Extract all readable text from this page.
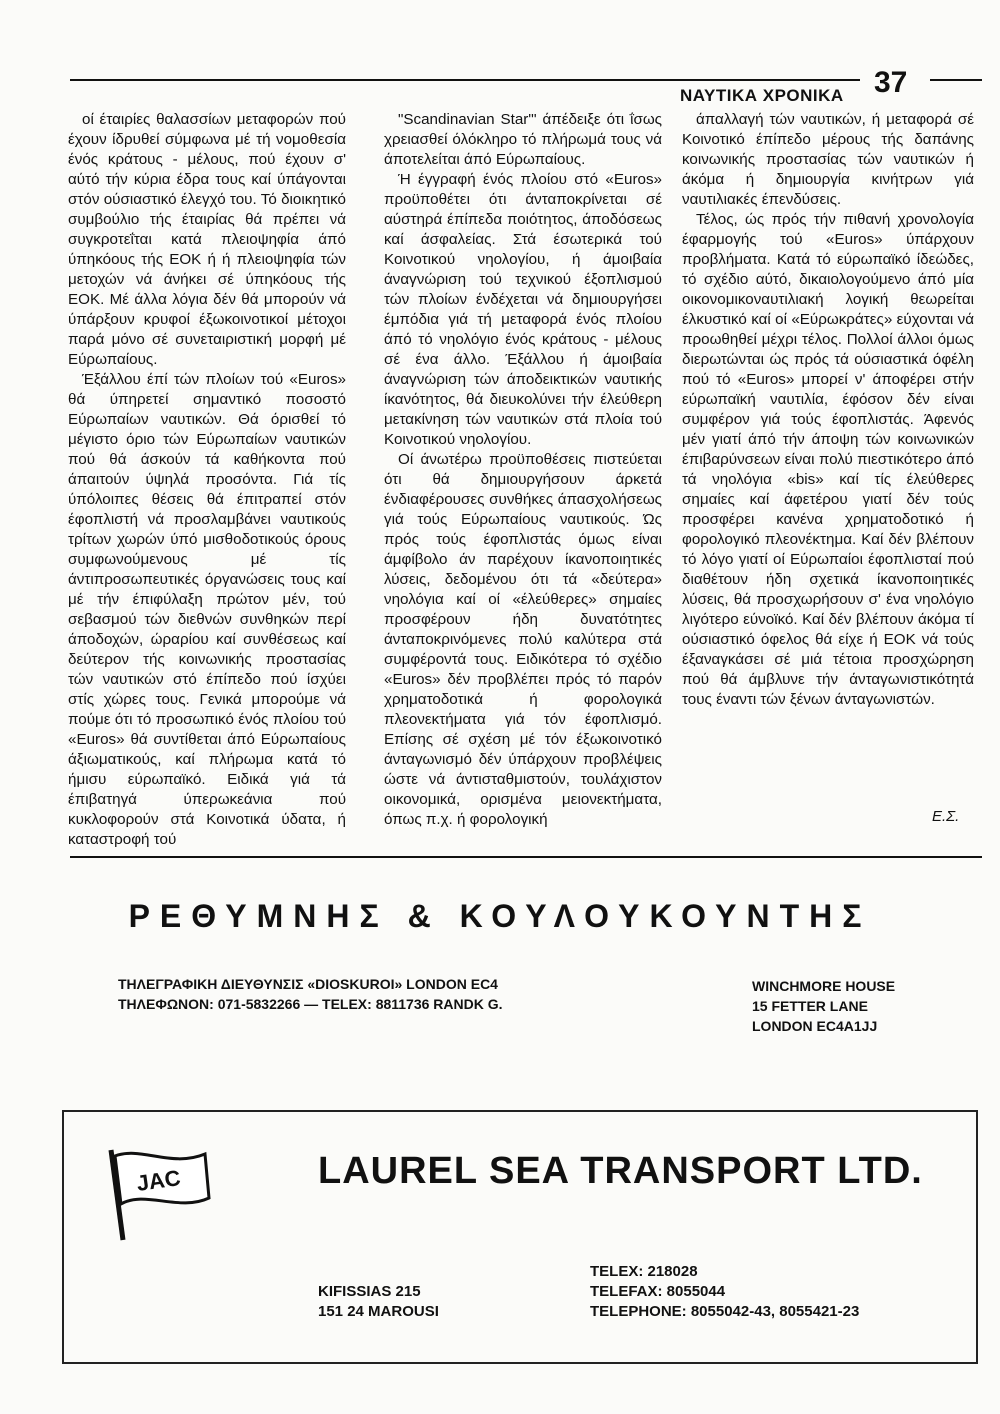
ΝΑΥΤΙΚΑ ΧΡΟΝΙΚΑ 37

οί έταιρίες θαλασσίων μεταφορών πού έχουν ίδρυθεί σύμφωνα μέ τή νομοθεσία ένός κράτους - μέλους, πού έχουν σ' αύτό τήν κύρια έδρα τους καί ύπάγονται στόν ούσιαστικό έλεγχό του. Τό διοικητικό συμβούλιο τής έταιρίας θά πρέπει νά συγκροτεΐται κατά πλειοψηφία άπό ύπηκόους τής ΕΟΚ ή ή πλειοψηφία τών μετοχών νά άνήκει σέ ύπηκόους τής ΕΟΚ. Μέ άλλα λόγια δέν θά μπορούν νά ύπάρξουν κρυφοί έξωκοινοτικοί μέτοχοι παρά μόνο σέ συνεταιριστική μορφή μέ Εύρωπαίους.

Έξάλλου έπί τών πλοίων τού «Euros» θά ύπηρετεί σημαντικό ποσοστό Εύρωπαίων ναυτικών. Θά όρισθεί τό μέγιστο όριο τών Εύρωπαίων ναυτικών πού θά άσκούν τά καθήκοντα πού άπαιτούν ύψηλά προσόντα. Γιά τίς ύπόλοιπες θέσεις θά έπιτραπεί στόν έφοπλιστή νά προσλαμβάνει ναυτικούς τρίτων χωρών ύπό μισθοδοτικούς όρους συμφωνούμενους μέ τίς άντιπροσωπευτικές όργανώσεις τους καί μέ τήν έπιφύλαξη πρώτον μέν, τού σεβασμού τών διεθνών συνθηκών περί άποδοχών, ώραρίου καί συνθέσεως καί δεύτερον τής κοινωνικής προστασίας τών ναυτικών στό έπίπεδο πού ίσχύει στίς χώρες τους. Γενικά μπορούμε νά πούμε ότι τό προσωπικό ένός πλοίου τού «Euros» θά συντίθεται άπό Εύρωπαίους άξιωματικούς, καί πλήρωμα κατά τό ήμισυ εύρωπαϊκό. Ειδικά γιά τά έπιβατηγά ύπερωκεάνια πού κυκλοφορούν στά Κοινοτικά ύδατα, ή καταστροφή τού

"Scandinavian Star"' άπέδειξε ότι ΐσως χρειασθεί όλόκληρο τό πλήρωμά τους νά άποτελείται άπό Εύρωπαίους.

Ή έγγραφή ένός πλοίου στό «Euros» προϋποθέτει ότι άνταποκρίνεται σέ αύστηρά έπίπεδα ποιότητος, άποδόσεως καί άσφαλείας. Στά έσωτερικά τού Κοινοτικού νηολογίου, ή άμοιβαία άναγνώριση τού τεχνικού έξοπλισμού τών πλοίων ένδέχεται νά δημιουργήσει έμπόδια γιά τή μεταφορά ένός πλοίου άπό τό νηολόγιο ένός κράτους - μέλους σέ ένα άλλο. Έξάλλου ή άμοιβαία άναγνώριση τών άποδεικτικών ναυτικής ίκανότητος, θά διευκολύνει τήν έλεύθερη μετακίνηση τών ναυτικών στά πλοία τού Κοινοτικού νηολογίου.

Οί άνωτέρω προϋποθέσεις πιστεύεται ότι θά δημιουργήσουν άρκετά ένδιαφέρουσες συνθήκες άπασχολήσεως γιά τούς Εύρωπαίους ναυτικούς. Ώς πρός τούς έφοπλιστάς όμως είναι άμφίβολο άν παρέχουν ίκανοποιητικές λύσεις, δεδομένου ότι τά «δεύτερα» νηολόγια καί οί «έλεύθερες» σημαίες προσφέρουν ήδη δυνατότητες άνταποκρινόμενες πολύ καλύτερα στά συμφέροντά τους. Ειδικότερα τό σχέδιο «Euros» δέν προβλέπει πρός τό παρόν χρηματοδοτικά ή φορολογικά πλεονεκτήματα γιά τόν έφοπλισμό. Επίσης σέ σχέση μέ τόν έξωκοινοτικό άνταγωνισμό δέν ύπάρχουν προβλέψεις ώστε νά άντισταθμιστούν, τουλάχιστον οικονομικά, ορισμένα μειονεκτήματα, όπως π.χ. ή φορολογική

άπαλλαγή τών ναυτικών, ή μεταφορά σέ Κοινοτικό έπίπεδο μέρους τής δαπάνης κοινωνικής προστασίας τών ναυτικών ή άκόμα ή δημιουργία κινήτρων γιά ναυτιλιακές έπενδύσεις.

Τέλος, ώς πρός τήν πιθανή χρονολογία έφαρμογής τού «Euros» ύπάρχουν προβλήματα. Κατά τό εύρωπαϊκό ίδεώδες, τό σχέδιο αύτό, δικαιολογούμενο άπό μία οικονομικοναυτιλιακή λογική θεωρείται έλκυστικό καί οί «Εύρωκράτες» εύχονται νά προωθηθεί μέχρι τέλος. Πολλοί άλλοι όμως διερωτώνται ώς πρός τά ούσιαστικά όφέλη πού τό «Euros» μπορεί ν' άποφέρει στήν εύρωπαϊκή ναυτιλία, έφόσον δέν είναι συμφέρον γιά τούς έφοπλιστάς. Άφενός μέν γιατί άπό τήν άποψη τών κοινωνικών έπιβαρύνσεων είναι πολύ πιεστικότερο άπό τά νηολόγια «bis» καί τίς έλεύθερες σημαίες καί άφετέρου γιατί δέν τούς προσφέρει κανένα χρηματοδοτικό ή φορολογικό πλεονέκτημα. Καί δέν βλέπουν τό λόγο γιατί οί Εύρωπαίοι έφοπλισταί πού διαθέτουν ήδη σχετικά ίκανοποιητικές λύσεις, θά προσχωρήσουν σ' ένα νηολόγιο λιγότερο εύνοϊκό. Καί δέν βλέπουν άκόμα τί ούσιαστικό όφελος θά είχε ή ΕΟΚ νά τούς έξαναγκάσει σέ μιά τέτοια προσχώρηση πού θά άμβλυνε τήν άνταγωνιστικότητά τους έναντι τών ξένων άνταγωνιστών.

Ε.Σ.
ΡΕΘΥΜΝΗΣ & ΚΟΥΛΟΥΚΟΥΝΤΗΣ
ΤΗΛΕΓΡΑΦΙΚΗ ΔΙΕΥΘΥΝΣΙΣ «DIOSKUROI» LONDON EC4
ΤΗΛΕΦΩΝΟΝ: 071-5832266 — TELEX: 8811736 RANDK G.
WINCHMORE HOUSE
15 FETTER LANE
LONDON EC4A1JJ
JAC	LAUREL SEA TRANSPORT LTD.
KIFISSIAS 215
151 24 MAROUSI
TELEX: 218028
TELEFAX: 8055044
TELEPHONE: 8055042-43, 8055421-23
